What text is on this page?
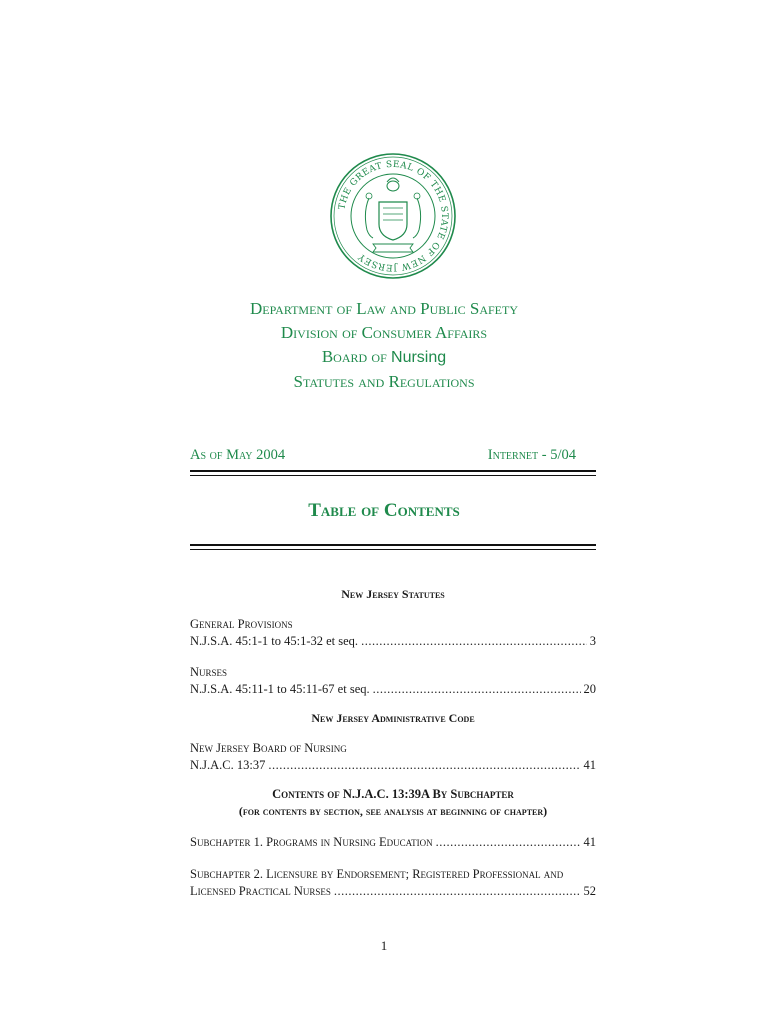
THE GREAT SEAL OF THE STATE OF NEW JERSEY
Department of Law and Public Safety
Division of Consumer Affairs
Board of Nursing
Statutes and Regulations
As of May 2004	Internet - 5/04
Table of Contents
New Jersey Statutes
General Provisions
N.J.S.A. 45:1-1 to 45:1-32 et seq. .....	3
Nurses
N.J.S.A. 45:11-1 to 45:11-67 et seq. .....	20
New Jersey Administrative Code
New Jersey Board of Nursing
N.J.A.C. 13:37 .....	41
Contents of N.J.A.C. 13:39A By Subchapter
(for contents by section, see analysis at beginning of chapter)
Subchapter 1. Programs in Nursing Education .....	41
Subchapter 2. Licensure by Endorsement; Registered Professional and
Licensed Practical Nurses .....	52
1
